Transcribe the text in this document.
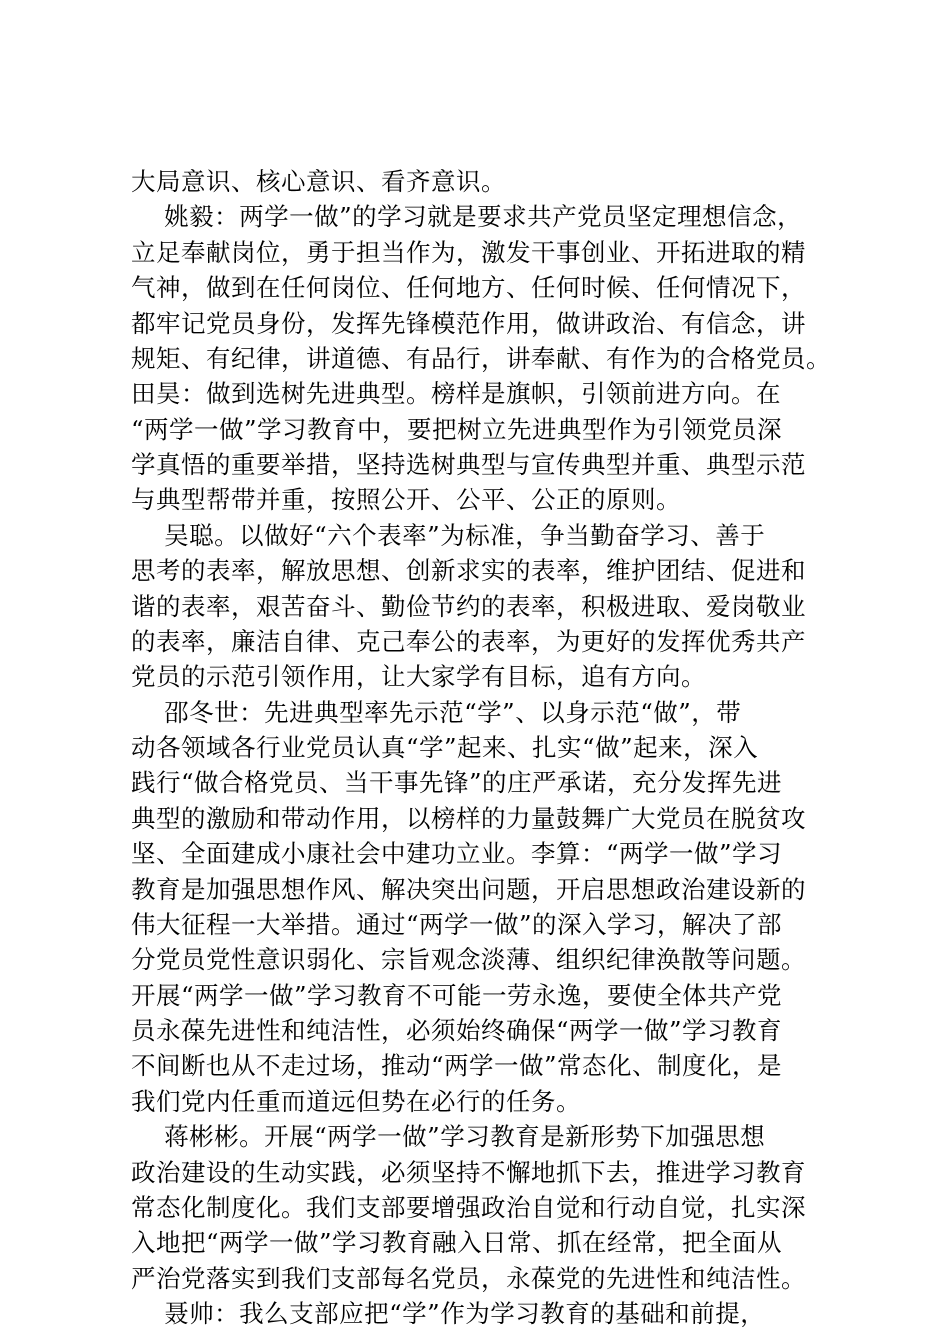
大局意识、核心意识、看齐意识。
姚毅：两学一做”的学习就是要求共产党员坚定理想信念，
立足奉献岗位，勇于担当作为，激发干事创业、开拓进取的精
气神，做到在任何岗位、任何地方、任何时候、任何情况下，
都牢记党员身份，发挥先锋模范作用，做讲政治、有信念，讲
规矩、有纪律，讲道德、有品行，讲奉献、有作为的合格党员。
田昊：做到选树先进典型。榜样是旗帜，引领前进方向。在
“两学一做”学习教育中，要把树立先进典型作为引领党员深
学真悟的重要举措，坚持选树典型与宣传典型并重、典型示范
与典型帮带并重，按照公开、公平、公正的原则。
吴聪。以做好“六个表率”为标准，争当勤奋学习、善于
思考的表率，解放思想、创新求实的表率，维护团结、促进和
谐的表率，艰苦奋斗、勤俭节约的表率，积极进取、爱岗敬业
的表率，廉洁自律、克己奉公的表率，为更好的发挥优秀共产
党员的示范引领作用，让大家学有目标，追有方向。
邵冬世：先进典型率先示范“学”、以身示范“做”，带
动各领域各行业党员认真“学”起来、扎实“做”起来，深入
践行“做合格党员、当干事先锋”的庄严承诺，充分发挥先进
典型的激励和带动作用，以榜样的力量鼓舞广大党员在脱贫攻
坚、全面建成小康社会中建功立业。李算：“两学一做”学习
教育是加强思想作风、解决突出问题，开启思想政治建设新的
伟大征程一大举措。通过“两学一做”的深入学习，解决了部
分党员党性意识弱化、宗旨观念淡薄、组织纪律涣散等问题。
开展“两学一做”学习教育不可能一劳永逸，要使全体共产党
员永葆先进性和纯洁性，必须始终确保“两学一做”学习教育
不间断也从不走过场，推动“两学一做”常态化、制度化，是
我们党内任重而道远但势在必行的任务。
蒋彬彬。开展“两学一做”学习教育是新形势下加强思想
政治建设的生动实践，必须坚持不懈地抓下去，推进学习教育
常态化制度化。我们支部要增强政治自觉和行动自觉，扎实深
入地把“两学一做”学习教育融入日常、抓在经常，把全面从
严治党落实到我们支部每名党员，永葆党的先进性和纯洁性。
聂帅：我么支部应把“学”作为学习教育的基础和前提，
